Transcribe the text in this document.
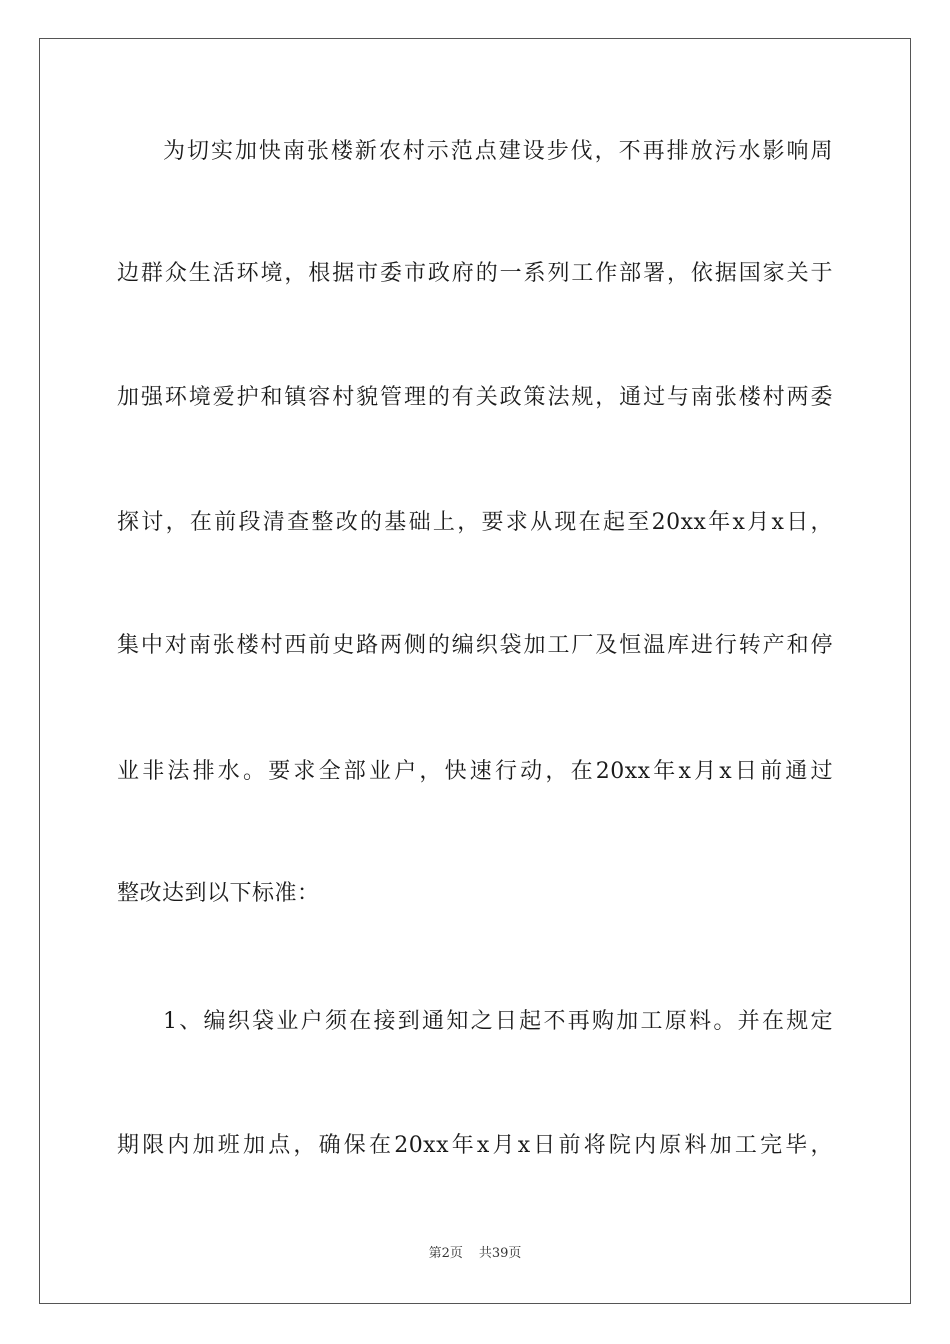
为切实加快南张楼新农村示范点建设步伐，不再排放污水影响周
边群众生活环境，根据市委市政府的一系列工作部署，依据国家关于
加强环境爱护和镇容村貌管理的有关政策法规，通过与南张楼村两委
探讨，在前段清查整改的基础上，要求从现在起至20xx年x月x日，
集中对南张楼村西前史路两侧的编织袋加工厂及恒温库进行转产和停
业非法排水。要求全部业户，快速行动，在20xx年x月x日前通过
整改达到以下标准：
1、编织袋业户须在接到通知之日起不再购加工原料。并在规定
期限内加班加点，确保在20xx年x月x日前将院内原料加工完毕，
第2页 共39页
